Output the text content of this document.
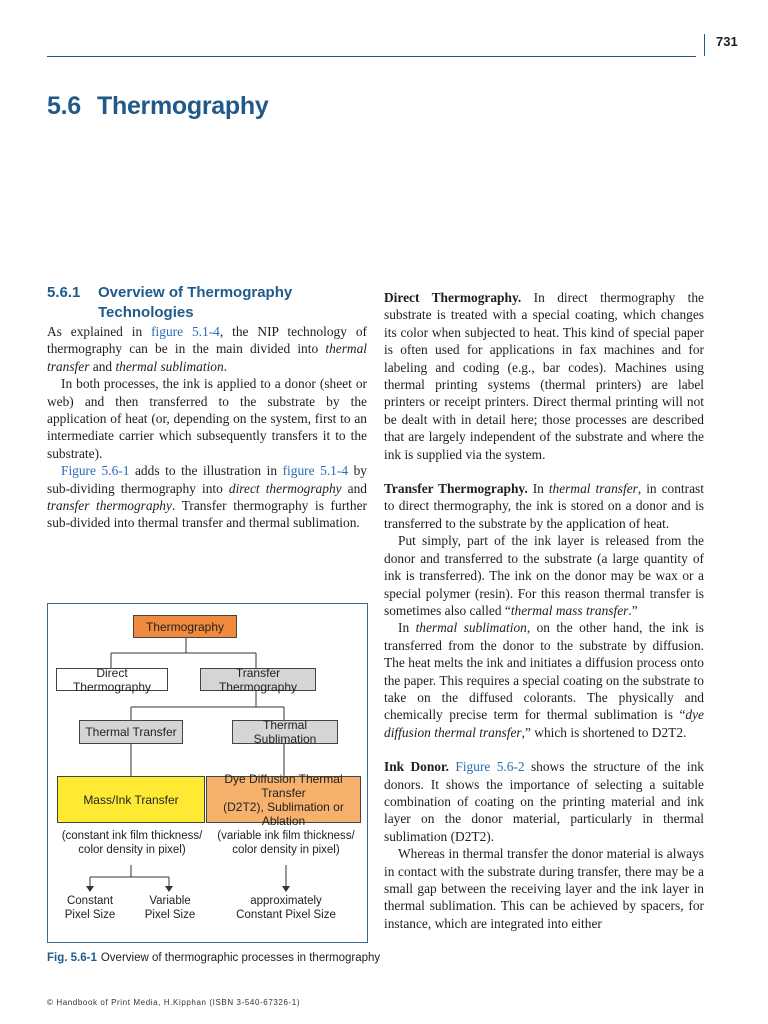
731
5.6 Thermography
5.6.1 Overview of Thermography
Technologies

As explained in figure 5.1-4, the NIP technology of thermography can be in the main divided into thermal transfer and thermal sublimation.

In both processes, the ink is applied to a donor (sheet or web) and then transferred to the substrate by the application of heat (or, depending on the system, first to an intermediate carrier which subsequently transfers it to the substrate).

Figure 5.6-1 adds to the illustration in figure 5.1-4 by sub-dividing thermography into direct thermography and transfer thermography. Transfer thermography is further sub-divided into thermal transfer and thermal sublimation.

Direct Thermography. In direct thermography the substrate is treated with a special coating, which changes its color when subjected to heat. This kind of special paper is often used for applications in fax machines and for labeling and coding (e.g., bar codes). Machines using thermal printing systems (thermal printers) are label printers or receipt printers. Direct thermal printing will not be dealt with in detail here; those processes are described that are largely independent of the substrate and where the ink is supplied via the system.

Transfer Thermography. In thermal transfer, in contrast to direct thermography, the ink is stored on a donor and is transferred to the substrate by the application of heat.

Put simply, part of the ink layer is released from the donor and transferred to the substrate (a large quantity of ink is transferred). The ink on the donor may be wax or a special polymer (resin). For this reason thermal transfer is sometimes also called “thermal mass transfer.”

In thermal sublimation, on the other hand, the ink is transferred from the donor to the substrate by diffusion. The heat melts the ink and initiates a diffusion process onto the paper. This requires a special coating on the substrate to take on the diffused colorants. The physically and chemically precise term for thermal sublimation is “dye diffusion thermal transfer,” which is shortened to D2T2.

Ink Donor. Figure 5.6-2 shows the structure of the ink donors. It shows the importance of selecting a suitable combination of coating on the printing material and ink layer on the donor material, particularly in thermal sublimation (D2T2).

Whereas in thermal transfer the donor material is always in contact with the substrate during transfer, there may be a small gap between the receiving layer and the ink layer in thermal sublimation. This can be achieved by spacers, for instance, which are integrated into either

Thermography
Direct Thermography
Transfer Thermography
Thermal Transfer	Thermal Sublimation
Mass/Ink Transfer
Dye Diffusion Thermal Transfer
(D2T2), Sublimation or Ablation
(constant ink film thickness/
color density in pixel)
(variable ink film thickness/
color density in pixel)
Constant
Pixel Size
Variable
Pixel Size
approximately
Constant Pixel Size
Fig. 5.6-1 Overview of thermographic processes in thermography
© Handbook of Print Media, H.Kipphan (ISBN 3-540-67326-1)
